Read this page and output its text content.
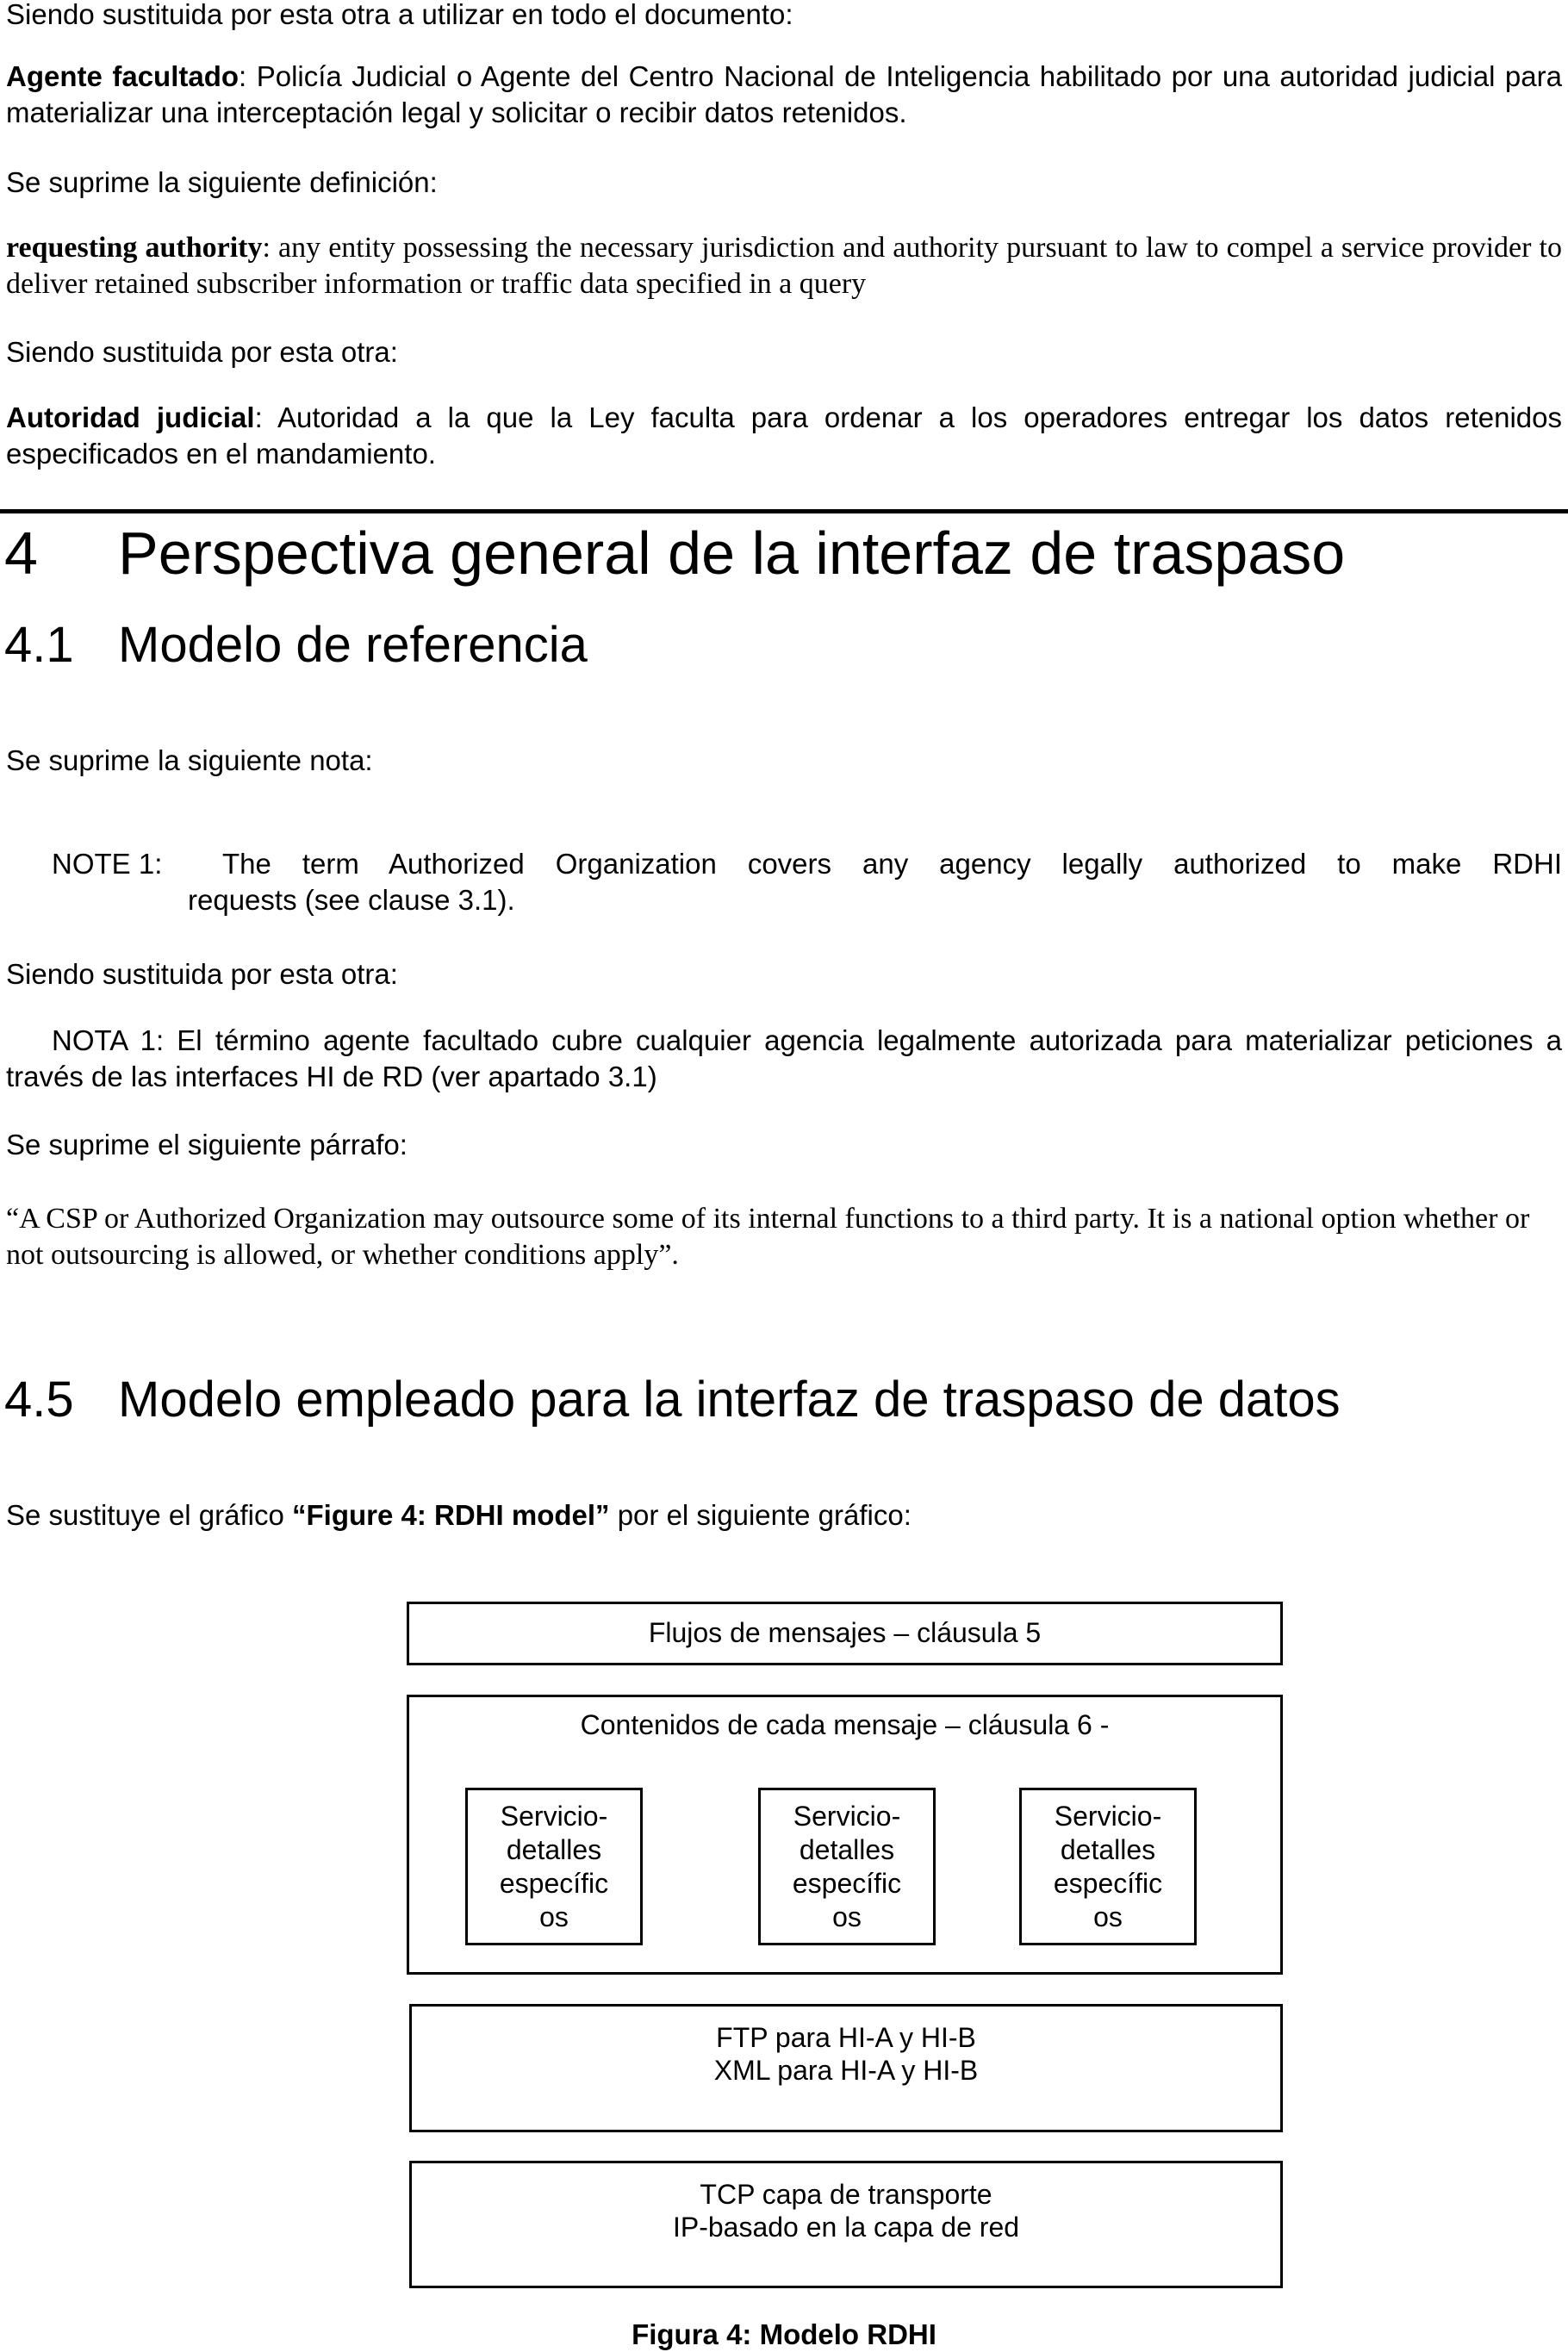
Siendo sustituida por esta otra a utilizar en todo el documento:

Agente facultado: Policía Judicial o Agente del Centro Nacional de Inteligencia habilitado por una autoridad judicial para materializar una interceptación legal y solicitar o recibir datos retenidos.

Se suprime la siguiente definición:

requesting authority: any entity possessing the necessary jurisdiction and authority pursuant to law to compel a service provider to deliver retained subscriber information or traffic data specified in a query

Siendo sustituida por esta otra:

Autoridad judicial: Autoridad a la que la Ley faculta para ordenar a los operadores entregar los datos retenidos especificados en el mandamiento.

4 Perspectiva general de la interfaz de traspaso
4.1 Modelo de referencia

Se suprime la siguiente nota:

NOTE 1: The term Authorized Organization covers any agency legally authorized to make RDHI

requests (see clause 3.1).

Siendo sustituida por esta otra:

NOTA 1: El término agente facultado cubre cualquier agencia legalmente autorizada para materializar peticiones a través de las interfaces HI de RD (ver apartado 3.1)

Se suprime el siguiente párrafo:

“A CSP or Authorized Organization may outsource some of its internal functions to a third party. It is a national option whether or not outsourcing is allowed, or whether conditions apply”.

4.5 Modelo empleado para la interfaz de traspaso de datos

Se sustituye el gráfico “Figure 4: RDHI model” por el siguiente gráfico:

Flujos de mensajes – cláusula 5

Contenidos de cada mensaje – cláusula 6 -

Servicio-
detalles
específic
os
Servicio-
detalles
específic
os
Servicio-
detalles
específic
os

FTP para HI-A y HI-B

XML para HI-A y HI-B

TCP capa de transporte

IP-basado en la capa de red

Figura 4: Modelo RDHI
